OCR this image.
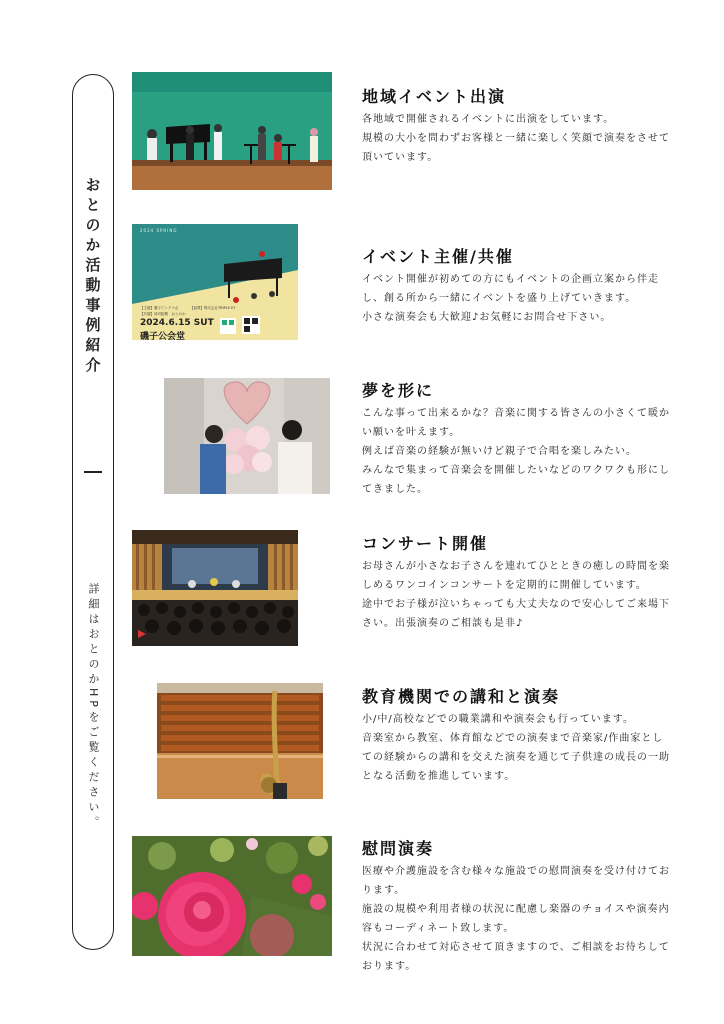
おとのか活動事例紹介
詳細はおとのかHPをご覧ください。
地域イベント出演
各地域で開催されるイベントに出演をしています。
規模の大小を問わずお客様と一緒に楽しく笑顔で演奏をさせて頂いています。
2024 SPRING
【主催】磯子ピンテナ企	【協賛】株式会社TRIPLE EY
【共催】神司振興　おとのか
2024.6.15 SUT
磯子公会堂
イベント主催/共催
イベント開催が初めての方にもイベントの企画立案から伴走し、創る所から一緒にイベントを盛り上げていきます。
小さな演奏会も大歓迎♪お気軽にお問合せ下さい。
夢を形に
こんな事って出来るかな？音楽に関する皆さんの小さくて暖かい願いを叶えます。
例えば音楽の経験が無いけど親子で合唱を楽しみたい。
みんなで集まって音楽会を開催したいなどのワクワクも形にしてきました。
コンサート開催
お母さんが小さなお子さんを連れてひとときの癒しの時間を楽しめるワンコインコンサートを定期的に開催しています。
途中でお子様が泣いちゃっても大丈夫なので安心してご来場下さい。出張演奏のご相談も是非♪
教育機関での講和と演奏
小/中/高校などでの職業講和や演奏会も行っています。
音楽室から教室、体育館などでの演奏まで音楽家/作曲家としての経験からの講和を交えた演奏を通じて子供達の成長の一助となる活動を推進しています。
慰問演奏
医療や介護施設を含む様々な施設での慰問演奏を受け付けております。
施設の規模や利用者様の状況に配慮し楽器のチョイスや演奏内容もコーディネート致します。
状況に合わせて対応させて頂きますので、ご相談をお待ちしております。
